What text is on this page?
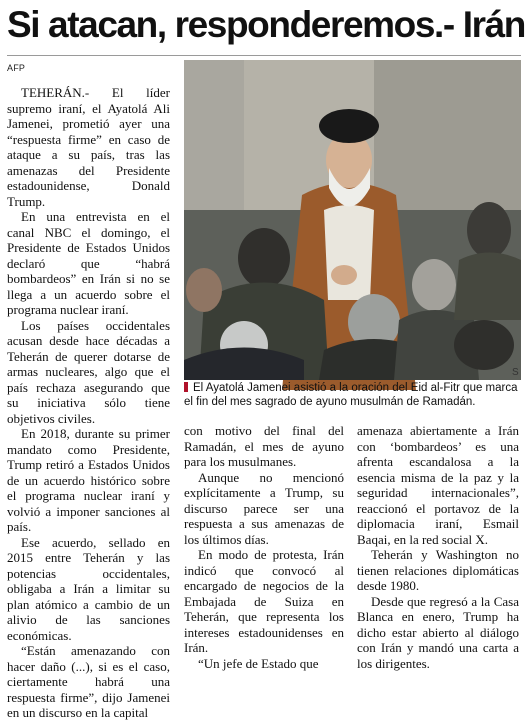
Si atacan, responderemos.- Irán
AFP

TEHERÁN.- El líder supremo iraní, el Ayatolá Ali Jamenei, prometió ayer una “respuesta firme” en caso de ataque a su país, tras las amenazas del Presidente estadounidense, Donald Trump.

En una entrevista en el canal NBC el domingo, el Presidente de Estados Unidos declaró que “habrá bombardeos” en Irán si no se llega a un acuerdo sobre el programa nuclear iraní.

Los países occidentales acusan desde hace décadas a Teherán de querer dotarse de armas nucleares, algo que el país rechaza asegurando que su iniciativa sólo tiene objetivos civiles.

En 2018, durante su primer mandato como Presidente, Trump retiró a Estados Unidos de un acuerdo histórico sobre el programa nuclear iraní y volvió a imponer sanciones al país.

Ese acuerdo, sellado en 2015 entre Teherán y las potencias occidentales, obligaba a Irán a limitar su plan atómico a cambio de un alivio de las sanciones económicas.

“Están amenazando con hacer daño (...), si es el caso, ciertamente habrá una respuesta firme”, dijo Jamenei en un discurso en la capital

El Ayatolá Jamenei asistió a la oración del Eid al-Fitr que marca el fin del mes sagrado de ayuno musulmán de Ramadán.
S

con motivo del final del Ramadán, el mes de ayuno para los musulmanes.

Aunque no mencionó explícitamente a Trump, su discurso parece ser una respuesta a sus amenazas de los últimos días.

En modo de protesta, Irán indicó que convocó al encargado de negocios de la Embajada de Suiza en Teherán, que representa los intereses estadounidenses en Irán.

“Un jefe de Estado que

amenaza abiertamente a Irán con ‘bombardeos’ es una afrenta escandalosa a la esencia misma de la paz y la seguridad internacionales”, reaccionó el portavoz de la diplomacia iraní, Esmail Baqai, en la red social X.

Teherán y Washington no tienen relaciones diplomáticas desde 1980.

Desde que regresó a la Casa Blanca en enero, Trump ha dicho estar abierto al diálogo con Irán y mandó una carta a los dirigentes.
